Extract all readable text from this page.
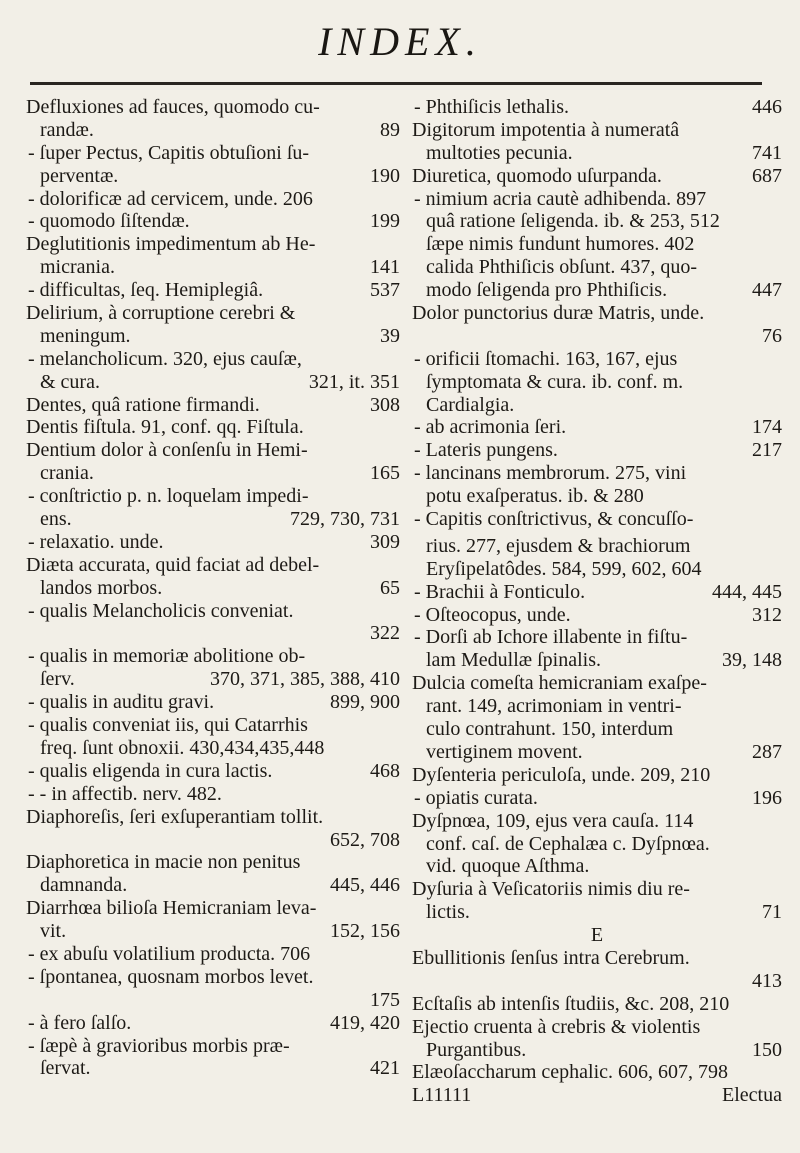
INDEX.
Defluxiones ad fauces, quomodo cu-
randæ.	89
- ſuper Pectus, Capitis obtuſioni ſu-
perventæ.	190
- dolorificæ ad cervicem, unde. 206
- quomodo ſiſtendæ.	199
Deglutitionis impedimentum ab He-
micrania.	141
- difficultas, ſeq. Hemiplegiâ.	537
Delirium, à corruptione cerebri &
meningum.	39
- melancholicum. 320, ejus cauſæ,
& cura.	321, it. 351
Dentes, quâ ratione firmandi.	308
Dentis fiſtula. 91, conf. qq. Fiſtula.
Dentium dolor à conſenſu in Hemi-
crania.	165
- conſtrictio p. n. loquelam impedi-
ens.	729, 730, 731
- relaxatio. unde.	309
Diæta accurata, quid faciat ad debel-
landos morbos.	65
- qualis Melancholicis conveniat.
322
- qualis in memoriæ abolitione ob-
ſerv.	370, 371, 385, 388, 410
- qualis in auditu gravi.	899, 900
- qualis conveniat iis, qui Catarrhis
freq. ſunt obnoxii. 430,434,435,448
- qualis eligenda in cura lactis.	468
- - in affectib. nerv. 482.
Diaphoreſis, ſeri exſuperantiam tollit.
652, 708
Diaphoretica in macie non penitus
damnanda.	445, 446
Diarrhœa bilioſa Hemicraniam leva-
vit.	152, 156
- ex abuſu volatilium producta. 706
- ſpontanea, quosnam morbos levet.
175
- à fero ſalſo.	419, 420
- ſæpè à gravioribus morbis præ-
ſervat.	421
- Phthiſicis lethalis.	446
Digitorum impotentia à numeratâ
multoties pecunia.	741
Diuretica, quomodo uſurpanda.	687
- nimium acria cautè adhibenda. 897
quâ ratione ſeligenda. ib. & 253, 512
ſæpe nimis fundunt humores. 402
calida Phthiſicis obſunt. 437, quo-
modo ſeligenda pro Phthiſicis.	447
Dolor punctorius duræ Matris, unde.
76
- orificii ſtomachi. 163, 167, ejus
ſymptomata & cura. ib. conf. m.
Cardialgia.
- ab acrimonia ſeri.	174
- Lateris pungens.	217
- lancinans membrorum. 275, vini
potu exaſperatus. ib. & 280
- Capitis conſtrictivus, & concuſſo-
rius. 277, ejusdem & brachiorum
Eryſipelatôdes. 584, 599, 602, 604
- Brachii à Fonticulo.	444, 445
- Oſteocopus, unde.	312
- Dorſi ab Ichore illabente in fiſtu-
lam Medullæ ſpinalis.	39, 148
Dulcia comeſta hemicraniam exaſpe-
rant. 149, acrimoniam in ventri-
culo contrahunt. 150, interdum
vertiginem movent.	287
Dyſenteria periculoſa, unde. 209, 210
- opiatis curata.	196
Dyſpnœa, 109, ejus vera cauſa. 114
conf. caſ. de Cephalæa c. Dyſpnœa.
vid. quoque Aſthma.
Dyſuria à Veſicatoriis nimis diu re-
lictis.	71
E
Ebullitionis ſenſus intra Cerebrum.
413
Ecſtaſis ab intenſis ſtudiis, &c. 208, 210
Ejectio cruenta à crebris & violentis
Purgantibus.	150
Elæoſaccharum cephalic. 606, 607, 798
L11111	Electua
